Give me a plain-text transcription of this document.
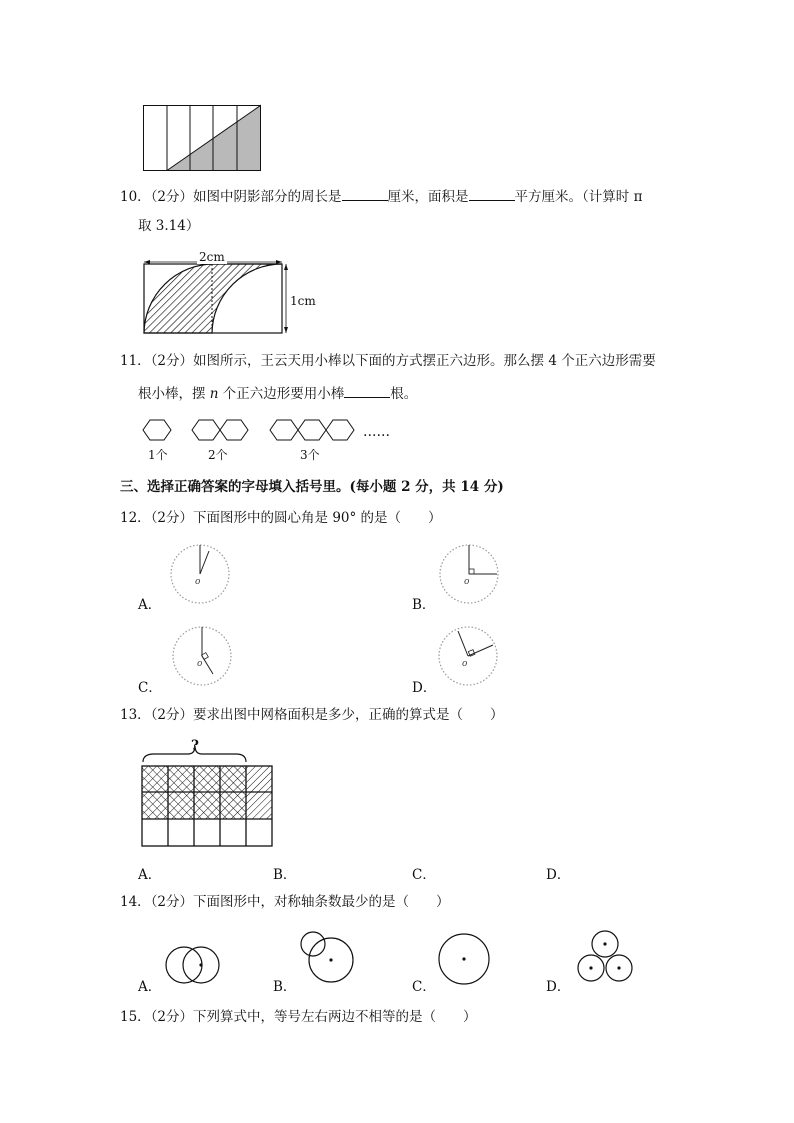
10．（2分）如图中阴影部分的周长是	厘米，面积是	平方厘米。（计算时 π
取 3.14）
2cm
1cm
11．（2分）如图所示，王云天用小棒以下面的方式摆正六边形。那么摆 4 个正六边形需要
根小棒，摆 n 个正六边形要用小棒	根。
1个	2个	3个
……
三、选择正确答案的字母填入括号里。(每小题 2 分，共 14 分)
12．（2分）下面图形中的圆心角是 90° 的是（　　）
o
A．
o
B．
o
C．
o
D．
13．（2分）要求出图中网格面积是多少，正确的算式是（　　）
?
A．	B．	C．	D．
14．（2分）下面图形中，对称轴条数最少的是（　　）
A．	B．	C．	D．
15．（2分）下列算式中，等号左右两边不相等的是（　　）
